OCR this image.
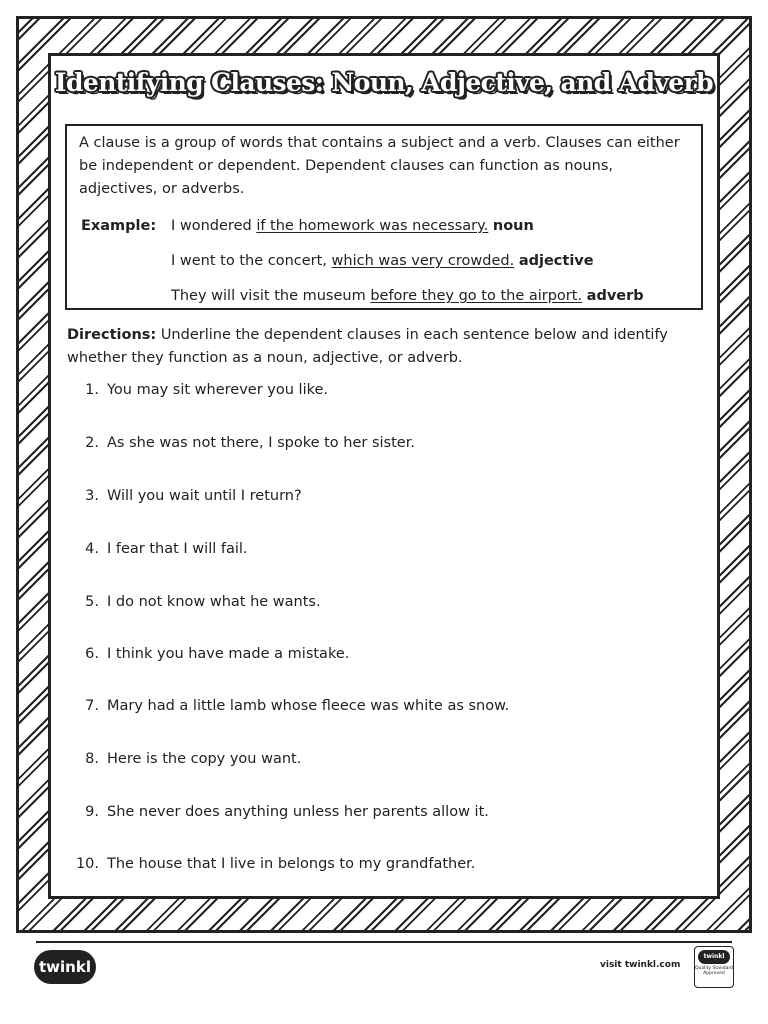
Identifying Clauses: Noun, Adjective, and Adverb

A clause is a group of words that contains a subject and a verb. Clauses can either be independent or dependent. Dependent clauses can function as nouns, adjectives, or adverbs.

Example:	I wondered if the homework was necessary. noun
I went to the concert, which was very crowded. adjective
They will visit the museum before they go to the airport. adverb
Directions: Underline the dependent clauses in each sentence below and identify whether they function as a noun, adjective, or adverb.
1. You may sit wherever you like.
2. As she was not there, I spoke to her sister.
3. Will you wait until I return?
4. I fear that I will fail.
5. I do not know what he wants.
6. I think you have made a mistake.
7. Mary had a little lamb whose fleece was white as snow.
8. Here is the copy you want.
9. She never does anything unless her parents allow it.
10. The house that I live in belongs to my grandfather.
twinkl	visit twinkl.com
twinkl
Quality Standard Approved
